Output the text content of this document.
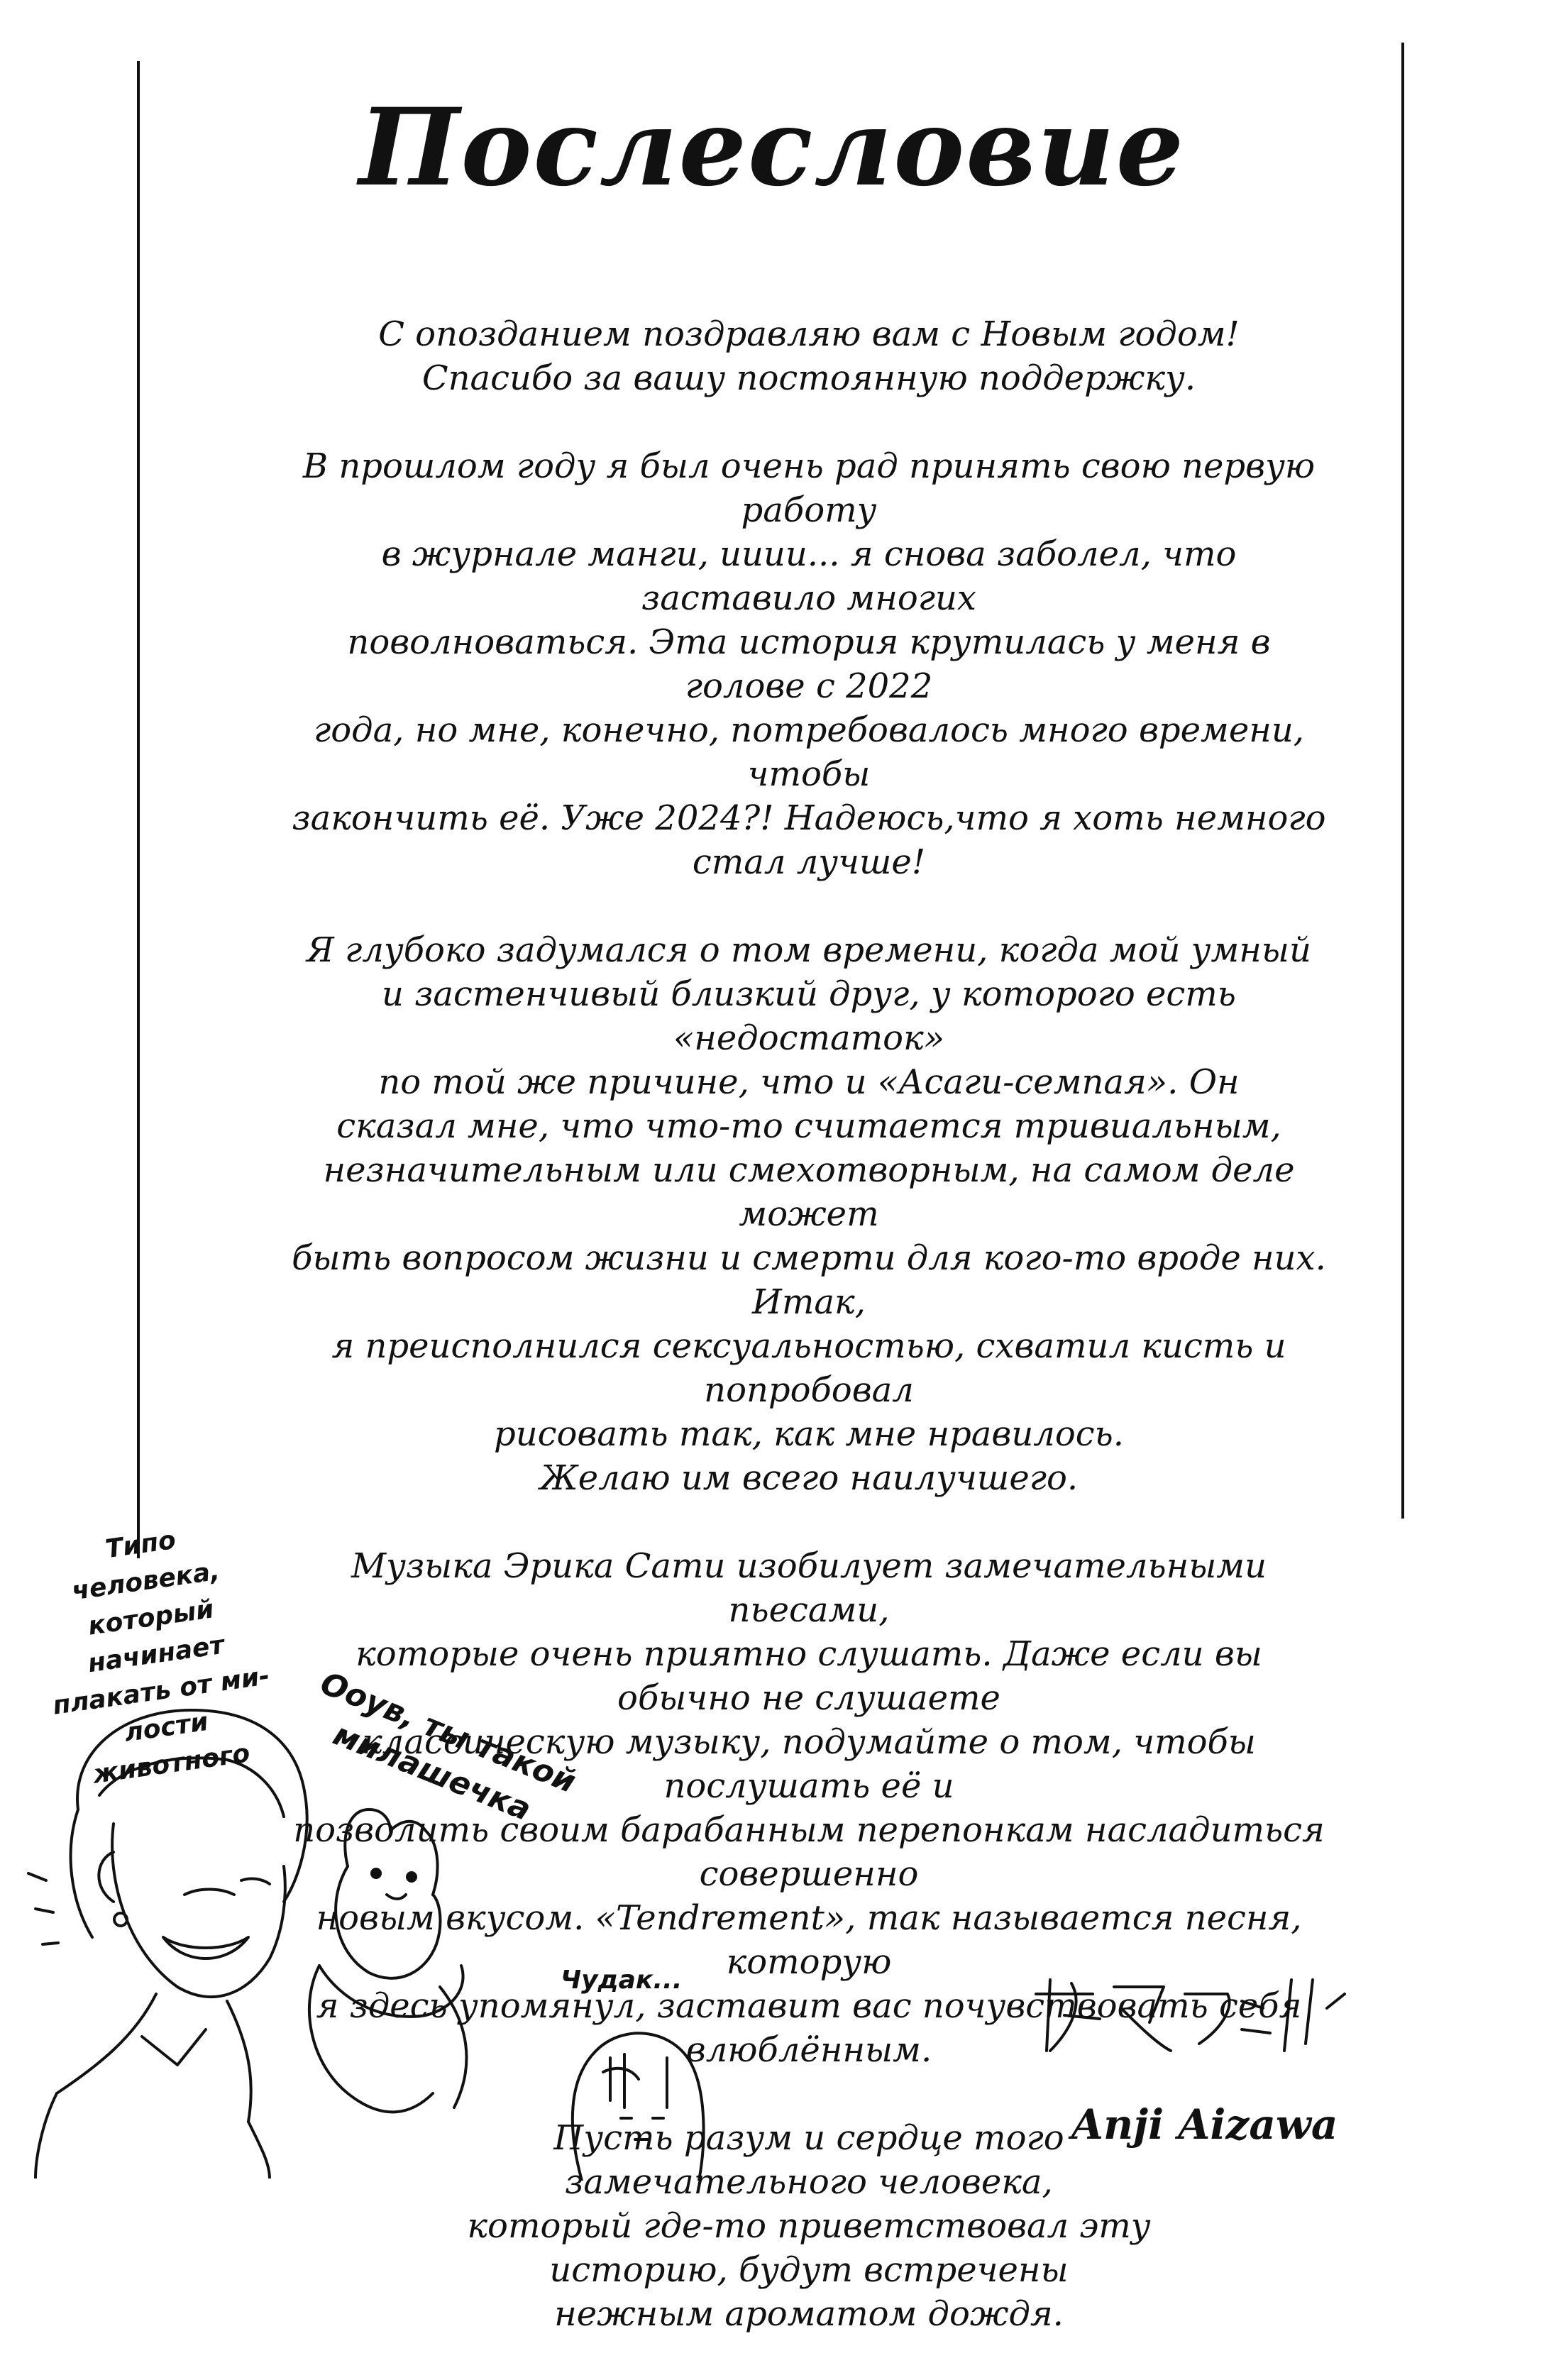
Послесловие

С опозданием поздравляю вам с Новым годом!
Спасибо за вашу постоянную поддержку.

В прошлом году я был очень рад принять свою первую работу
в журнале манги, ииии... я снова заболел, что заставило многих
поволноваться. Эта история крутилась у меня в голове с 2022
года, но мне, конечно, потребовалось много времени, чтобы
закончить её. Уже 2024?! Надеюсь,что я хоть немного стал лучше!

Я глубоко задумался о том времени, когда мой умный
и застенчивый близкий друг, у которого есть «недостаток»
по той же причине, что и «Асаги-семпая». Он
сказал мне, что что-то считается тривиальным,
незначительным или смехотворным, на самом деле может
быть вопросом жизни и смерти для кого-то вроде них. Итак,
я преисполнился сексуальностью, схватил кисть и попробовал
рисовать так, как мне нравилось.
Желаю им всего наилучшего.

Музыка Эрика Сати изобилует замечательными пьесами,
которые очень приятно слушать. Даже если вы обычно не слушаете
классическую музыку, подумайте о том, чтобы послушать её и
позволить своим барабанным перепонкам насладиться совершенно
новым вкусом. «Tendrement», так называется песня, которую
я здесь упомянул, заставит вас почувствовать себя влюблённым.

Пусть разум и сердце того
замечательного человека,
который где-то приветствовал эту
историю, будут встречены
нежным ароматом дождя.

Типо человека,
который начинает
плакать от ми-
лости животного	Ооув, ты такой
милашечка
Чудак...
Anji Aizawa
